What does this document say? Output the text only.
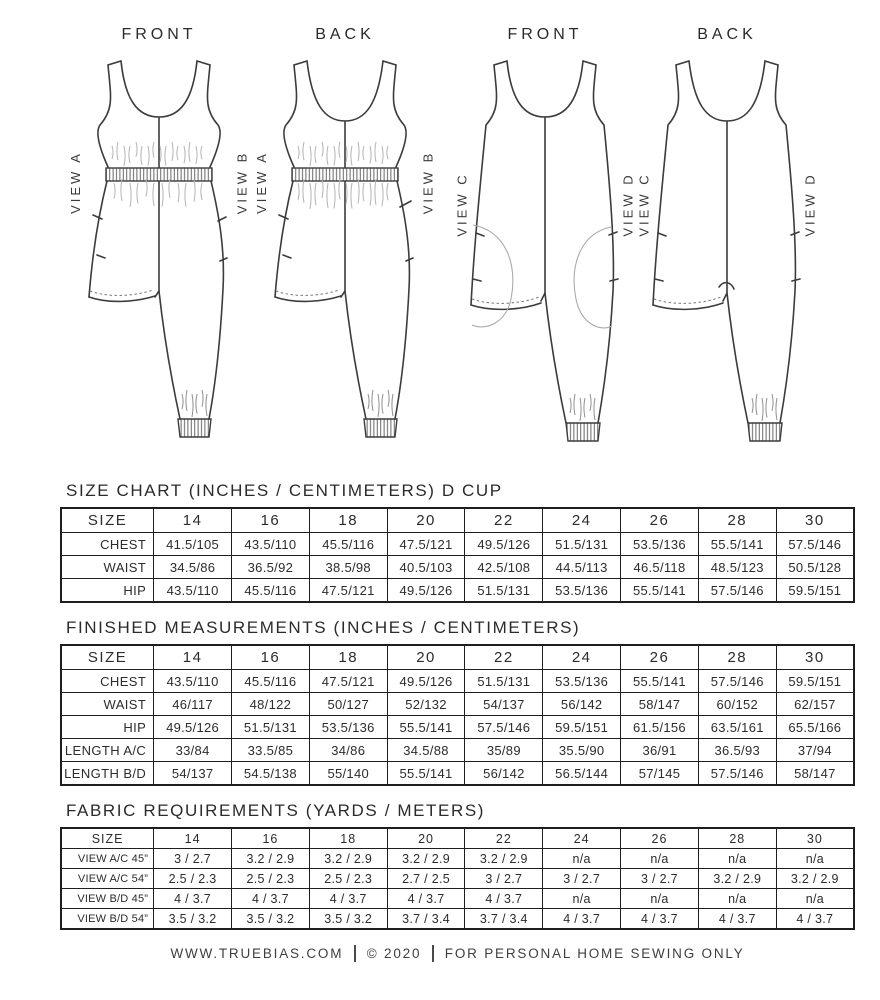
FRONT
VIEW A	VIEW B
BACK
VIEW A	VIEW B
FRONT
VIEW C	VIEW D
BACK
VIEW C	VIEW D
SIZE CHART (INCHES / CENTIMETERS) D CUP
SIZE	14	16	18	20	22	24	26	28	30
CHEST	41.5/105	43.5/110	45.5/116	47.5/121	49.5/126	51.5/131	53.5/136	55.5/141	57.5/146
WAIST	34.5/86	36.5/92	38.5/98	40.5/103	42.5/108	44.5/113	46.5/118	48.5/123	50.5/128
HIP	43.5/110	45.5/116	47.5/121	49.5/126	51.5/131	53.5/136	55.5/141	57.5/146	59.5/151
FINISHED MEASUREMENTS (INCHES / CENTIMETERS)
SIZE	14	16	18	20	22	24	26	28	30
CHEST	43.5/110	45.5/116	47.5/121	49.5/126	51.5/131	53.5/136	55.5/141	57.5/146	59.5/151
WAIST	46/117	48/122	50/127	52/132	54/137	56/142	58/147	60/152	62/157
HIP	49.5/126	51.5/131	53.5/136	55.5/141	57.5/146	59.5/151	61.5/156	63.5/161	65.5/166
LENGTH A/C	33/84	33.5/85	34/86	34.5/88	35/89	35.5/90	36/91	36.5/93	37/94
LENGTH B/D	54/137	54.5/138	55/140	55.5/141	56/142	56.5/144	57/145	57.5/146	58/147
FABRIC REQUIREMENTS (YARDS / METERS)
SIZE	14	16	18	20	22	24	26	28	30
VIEW A/C 45”	3 / 2.7	3.2 / 2.9	3.2 / 2.9	3.2 / 2.9	3.2 / 2.9	n/a	n/a	n/a	n/a
VIEW A/C 54”	2.5 / 2.3	2.5 / 2.3	2.5 / 2.3	2.7 / 2.5	3 / 2.7	3 / 2.7	3 / 2.7	3.2 / 2.9	3.2 / 2.9
VIEW B/D 45”	4 / 3.7	4 / 3.7	4 / 3.7	4 / 3.7	4 / 3.7	n/a	n/a	n/a	n/a
VIEW B/D 54”	3.5 / 3.2	3.5 / 3.2	3.5 / 3.2	3.7 / 3.4	3.7 / 3.4	4 / 3.7	4 / 3.7	4 / 3.7	4 / 3.7
WWW.TRUEBIAS.COM © 2020 FOR PERSONAL HOME SEWING ONLY
